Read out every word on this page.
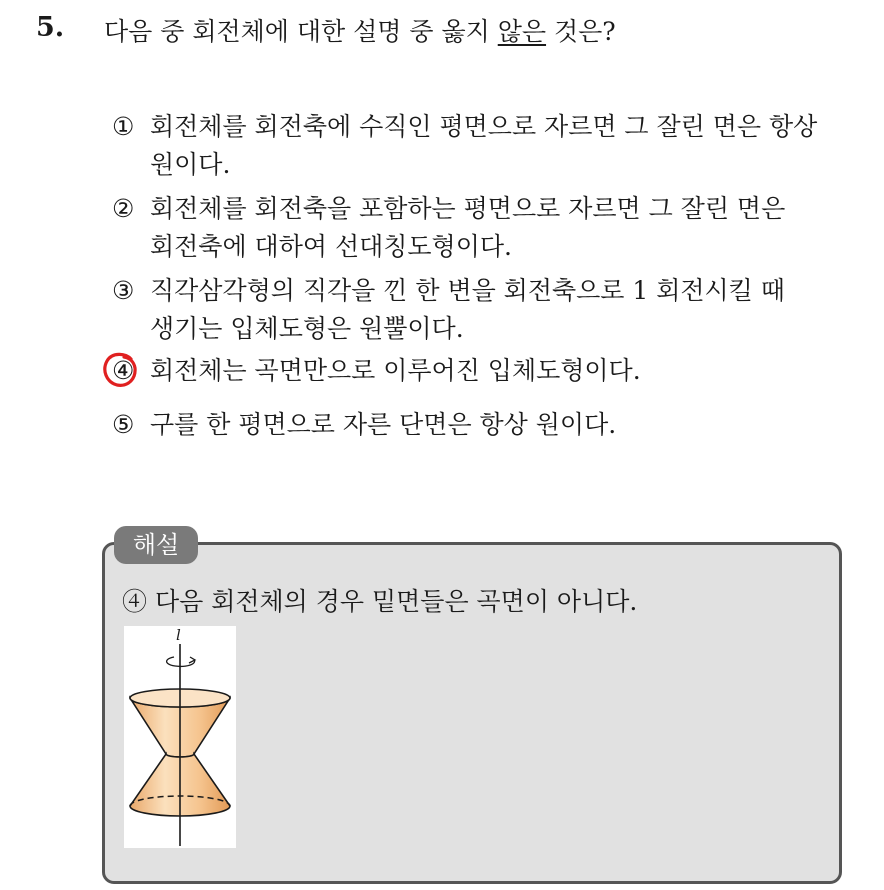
5. 다음 중 회전체에 대한 설명 중 옳지 않은 것은?
① 회전체를 회전축에 수직인 평면으로 자르면 그 잘린 면은 항상
원이다.
② 회전체를 회전축을 포함하는 평면으로 자르면 그 잘린 면은
회전축에 대하여 선대칭도형이다.
③ 직각삼각형의 직각을 낀 한 변을 회전축으로 1 회전시킬 때
생기는 입체도형은 원뿔이다.
④ 회전체는 곡면만으로 이루어진 입체도형이다.
⑤ 구를 한 평면으로 자른 단면은 항상 원이다.
해설
④ 다음 회전체의 경우 밑면들은 곡면이 아니다.
l
